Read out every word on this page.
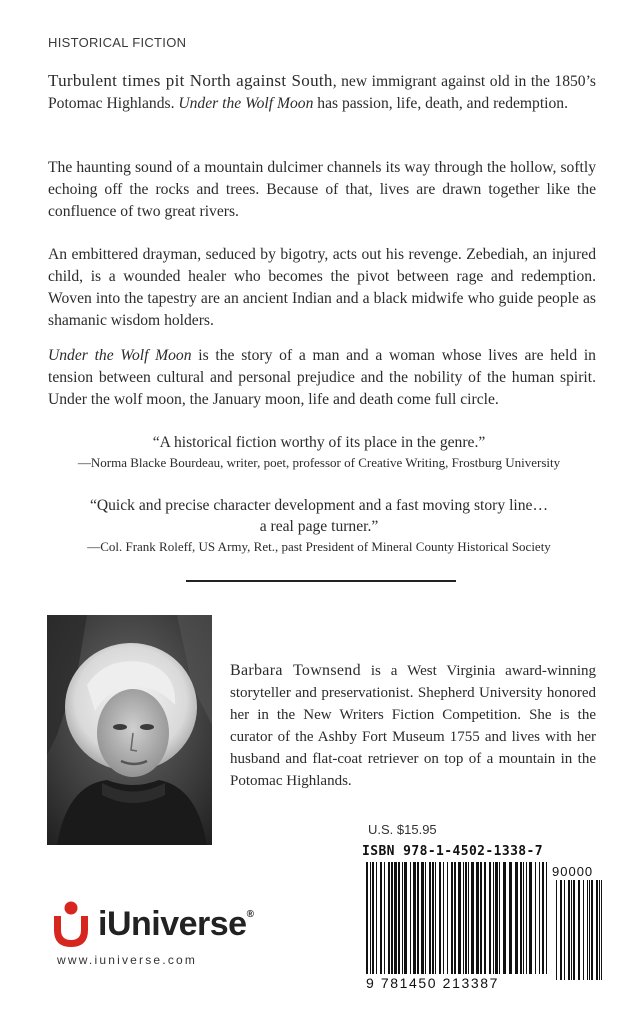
HISTORICAL FICTION

Turbulent times pit North against South, new immigrant against old in the 1850’s Potomac Highlands. Under the Wolf Moon has passion, life, death, and redemption.

The haunting sound of a mountain dulcimer channels its way through the hollow, softly echoing off the rocks and trees. Because of that, lives are drawn together like the confluence of two great rivers.

An embittered drayman, seduced by bigotry, acts out his revenge. Zebediah, an injured child, is a wounded healer who becomes the pivot between rage and redemption. Woven into the tapestry are an ancient Indian and a black midwife who guide people as shamanic wisdom holders.

Under the Wolf Moon is the story of a man and a woman whose lives are held in tension between cultural and personal prejudice and the nobility of the human spirit. Under the wolf moon, the January moon, life and death come full circle.

“A historical fiction worthy of its place in the genre.”
—Norma Blacke Bourdeau, writer, poet, professor of Creative Writing, Frostburg University
“Quick and precise character development and a fast moving story line…
a real page turner.”
—Col. Frank Roleff, US Army, Ret., past President of Mineral County Historical Society
Barbara Townsend is a West Virginia award-winning storyteller and preservationist. Shepherd University honored her in the New Writers Fiction Competition. She is the curator of the Ashby Fort Museum 1755 and lives with her husband and flat-coat retriever on top of a mountain in the Potomac Highlands.
U.S. $15.95
ISBN 978-1-4502-1338-7
90000
9 781450 213387
iUniverse®
www.iuniverse.com
